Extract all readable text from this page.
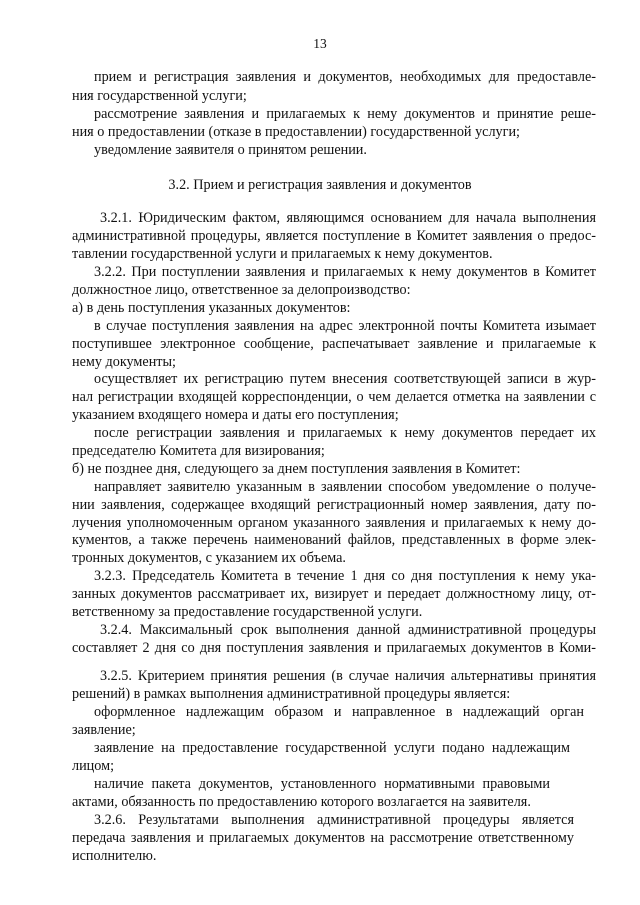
13
прием и регистрация заявления и документов, необходимых для предоставле-
ния государственной услуги;
рассмотрение заявления и прилагаемых к нему документов и принятие реше-
ния о предоставлении (отказе в предоставлении) государственной услуги;
уведомление заявителя о принятом решении.
3.2. Прием и регистрация заявления и документов
3.2.1. Юридическим фактом, являющимся основанием для начала выполнения
административной процедуры, является поступление в Комитет заявления о предос-
тавлении государственной услуги и прилагаемых к нему документов.
3.2.2. При поступлении заявления и прилагаемых к нему документов в Комитет
должностное лицо, ответственное за делопроизводство:
а) в день поступления указанных документов:
в случае поступления заявления на адрес электронной почты Комитета изымает
поступившее электронное сообщение, распечатывает заявление и прилагаемые к
нему документы;
осуществляет их регистрацию путем внесения соответствующей записи в жур-
нал регистрации входящей корреспонденции, о чем делается отметка на заявлении с
указанием входящего номера и даты его поступления;
после регистрации заявления и прилагаемых к нему документов передает их
председателю Комитета для визирования;
б) не позднее дня, следующего за днем поступления заявления в Комитет:
направляет заявителю указанным в заявлении способом уведомление о получе-
нии заявления, содержащее входящий регистрационный номер заявления, дату по-
лучения уполномоченным органом указанного заявления и прилагаемых к нему до-
кументов, а также перечень наименований файлов, представленных в форме элек-
тронных документов, с указанием их объема.
3.2.3. Председатель Комитета в течение 1 дня со дня поступления к нему ука-
занных документов рассматривает их, визирует и передает должностному лицу, от-
ветственному за предоставление государственной услуги.
3.2.4. Максимальный срок выполнения данной административной процедуры
составляет 2 дня со дня поступления заявления и прилагаемых документов в Коми-
3.2.5. Критерием принятия решения (в случае наличия альтернативы принятия
решений) в рамках выполнения административной процедуры является:
оформленное надлежащим образом и направленное в надлежащий орган
заявление;
заявление на предоставление государственной услуги подано надлежащим
лицом;
наличие пакета документов, установленного нормативными правовыми
актами, обязанность по предоставлению которого возлагается на заявителя.
3.2.6. Результатами выполнения административной процедуры является
передача заявления и прилагаемых документов на рассмотрение ответственному
исполнителю.
